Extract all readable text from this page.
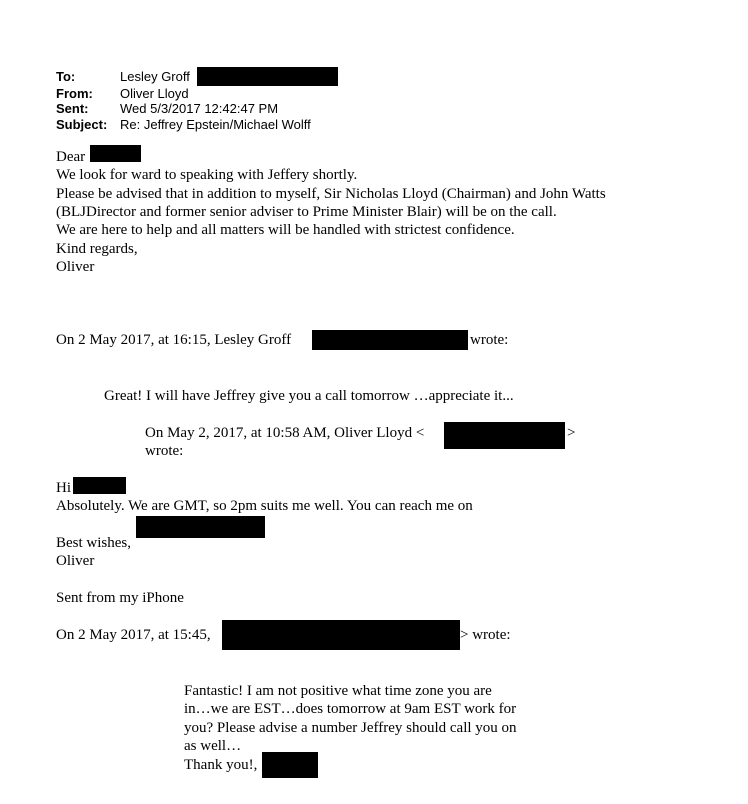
To:	Lesley Groff
From: Oliver Lloyd
Sent: Wed 5/3/2017 12:42:47 PM
Subject: Re: Jeffrey Epstein/Michael Wolff
Dear
We look for ward to speaking with Jeffery shortly.
Please be advised that in addition to myself, Sir Nicholas Lloyd (Chairman) and John Watts
(BLJDirector and former senior adviser to Prime Minister Blair) will be on the call.
We are here to help and all matters will be handled with strictest confidence.
Kind regards,
Oliver
On 2 May 2017, at 16:15, Lesley Groff	wrote:
Great! I will have Jeffrey give you a call tomorrow …appreciate it...
On May 2, 2017, at 10:58 AM, Oliver Lloyd <	>
wrote:
Hi
Absolutely. We are GMT, so 2pm suits me well. You can reach me on
Best wishes,
Oliver
Sent from my iPhone
On 2 May 2017, at 15:45,	> wrote:
Fantastic! I am not positive what time zone you are
in…we are EST…does tomorrow at 9am EST work for
you? Please advise a number Jeffrey should call you on
as well…
Thank you!,
